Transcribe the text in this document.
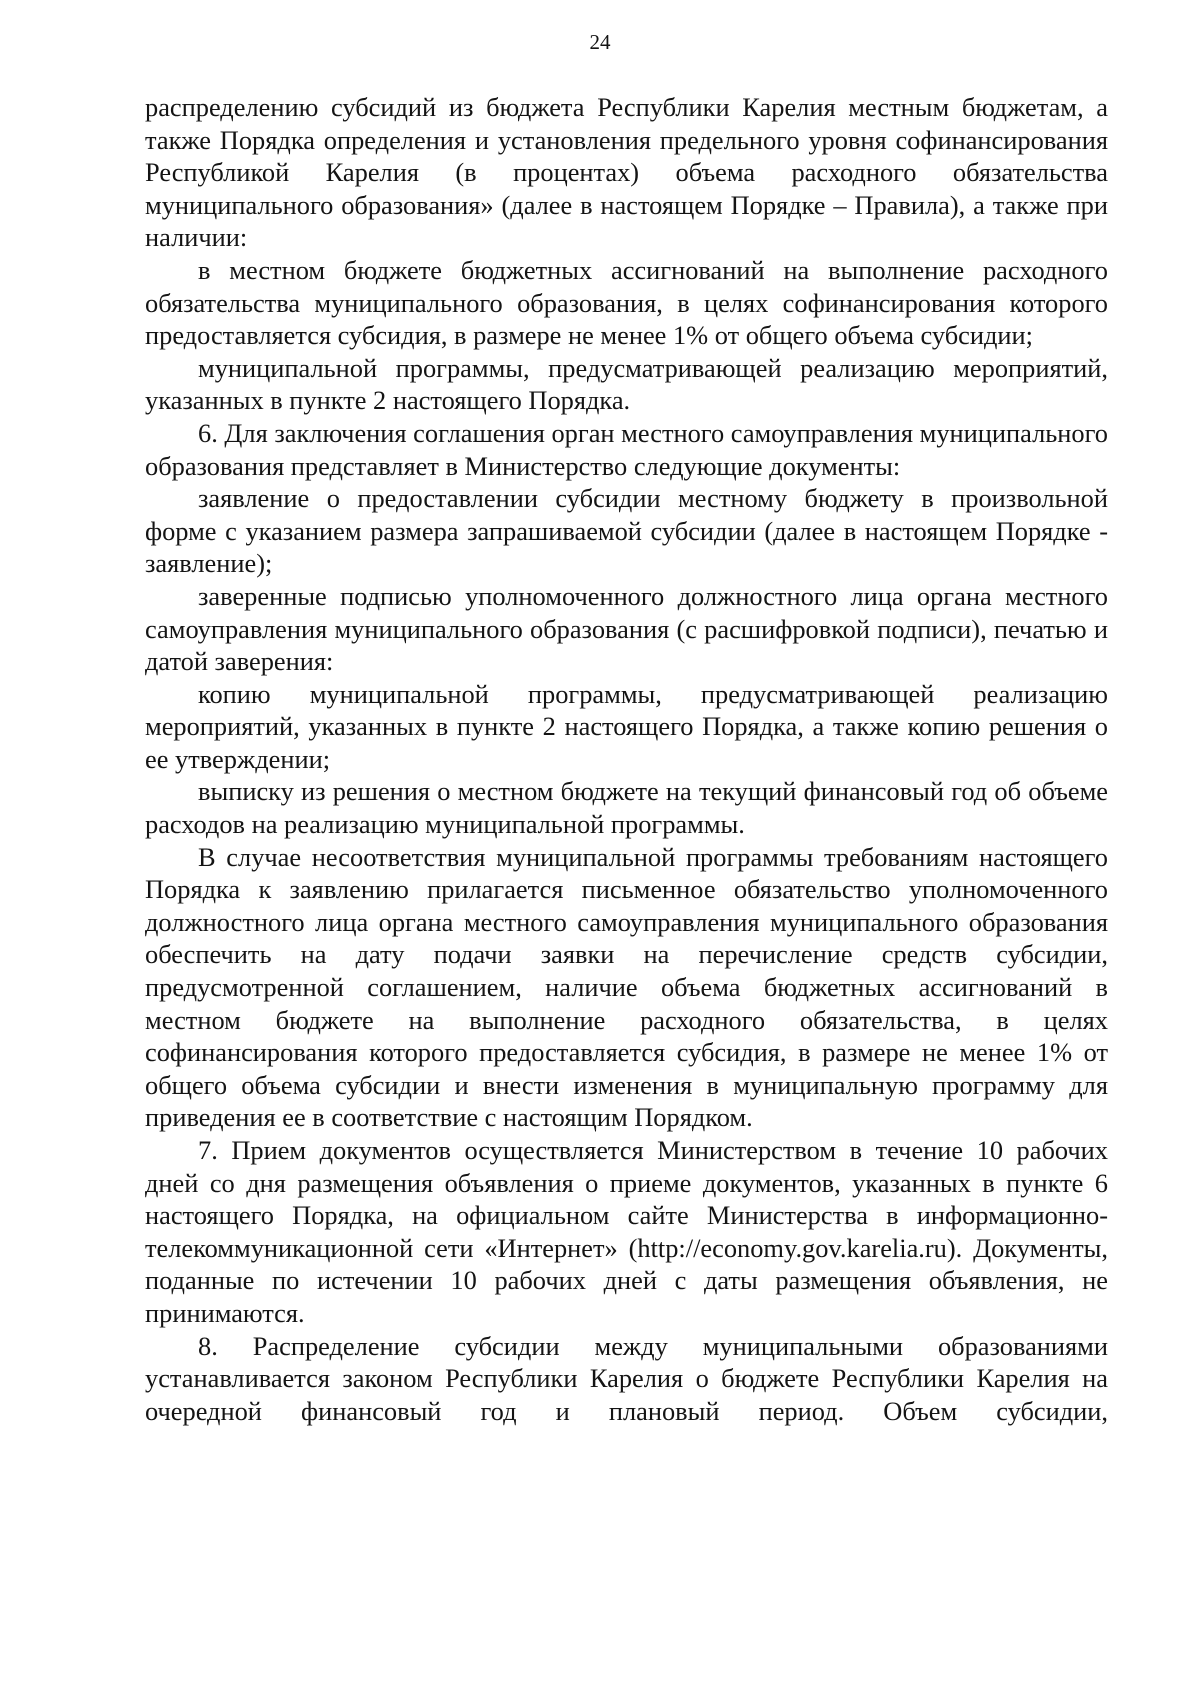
24

распределению субсидий из бюджета Республики Карелия местным бюджетам, а также Порядка определения и установления предельного уровня софинансирования Республикой Карелия (в процентах) объема расходного обязательства муниципального образования» (далее в настоящем Порядке – Правила), а также при наличии:

в местном бюджете бюджетных ассигнований на выполнение расходного обязательства муниципального образования, в целях софинансирования которого предоставляется субсидия, в размере не менее 1% от общего объема субсидии;

муниципальной программы, предусматривающей реализацию мероприятий, указанных в пункте 2 настоящего Порядка.

6. Для заключения соглашения орган местного самоуправления муниципального образования представляет в Министерство следующие документы:

заявление о предоставлении субсидии местному бюджету в произвольной форме с указанием размера запрашиваемой субсидии (далее в настоящем Порядке - заявление);

заверенные подписью уполномоченного должностного лица органа местного самоуправления муниципального образования (с расшифровкой подписи), печатью и датой заверения:

копию муниципальной программы, предусматривающей реализацию мероприятий, указанных в пункте 2 настоящего Порядка, а также копию решения о ее утверждении;

выписку из решения о местном бюджете на текущий финансовый год об объеме расходов на реализацию муниципальной программы.

В случае несоответствия муниципальной программы требованиям настоящего Порядка к заявлению прилагается письменное обязательство уполномоченного должностного лица органа местного самоуправления муниципального образования обеспечить на дату подачи заявки на перечисление средств субсидии, предусмотренной соглашением, наличие объема бюджетных ассигнований в местном бюджете на выполнение расходного обязательства, в целях софинансирования которого предоставляется субсидия, в размере не менее 1% от общего объема субсидии и внести изменения в муниципальную программу для приведения ее в соответствие с настоящим Порядком.

7. Прием документов осуществляется Министерством в течение 10 рабочих дней со дня размещения объявления о приеме документов, указанных в пункте 6 настоящего Порядка, на официальном сайте Министерства в информационно-телекоммуникационной сети «Интернет» (http://economy.gov.karelia.ru). Документы, поданные по истечении 10 рабочих дней с даты размещения объявления, не принимаются.

8. Распределение субсидии между муниципальными образованиями устанавливается законом Республики Карелия о бюджете Республики Карелия на очередной финансовый год и плановый период. Объем субсидии,
